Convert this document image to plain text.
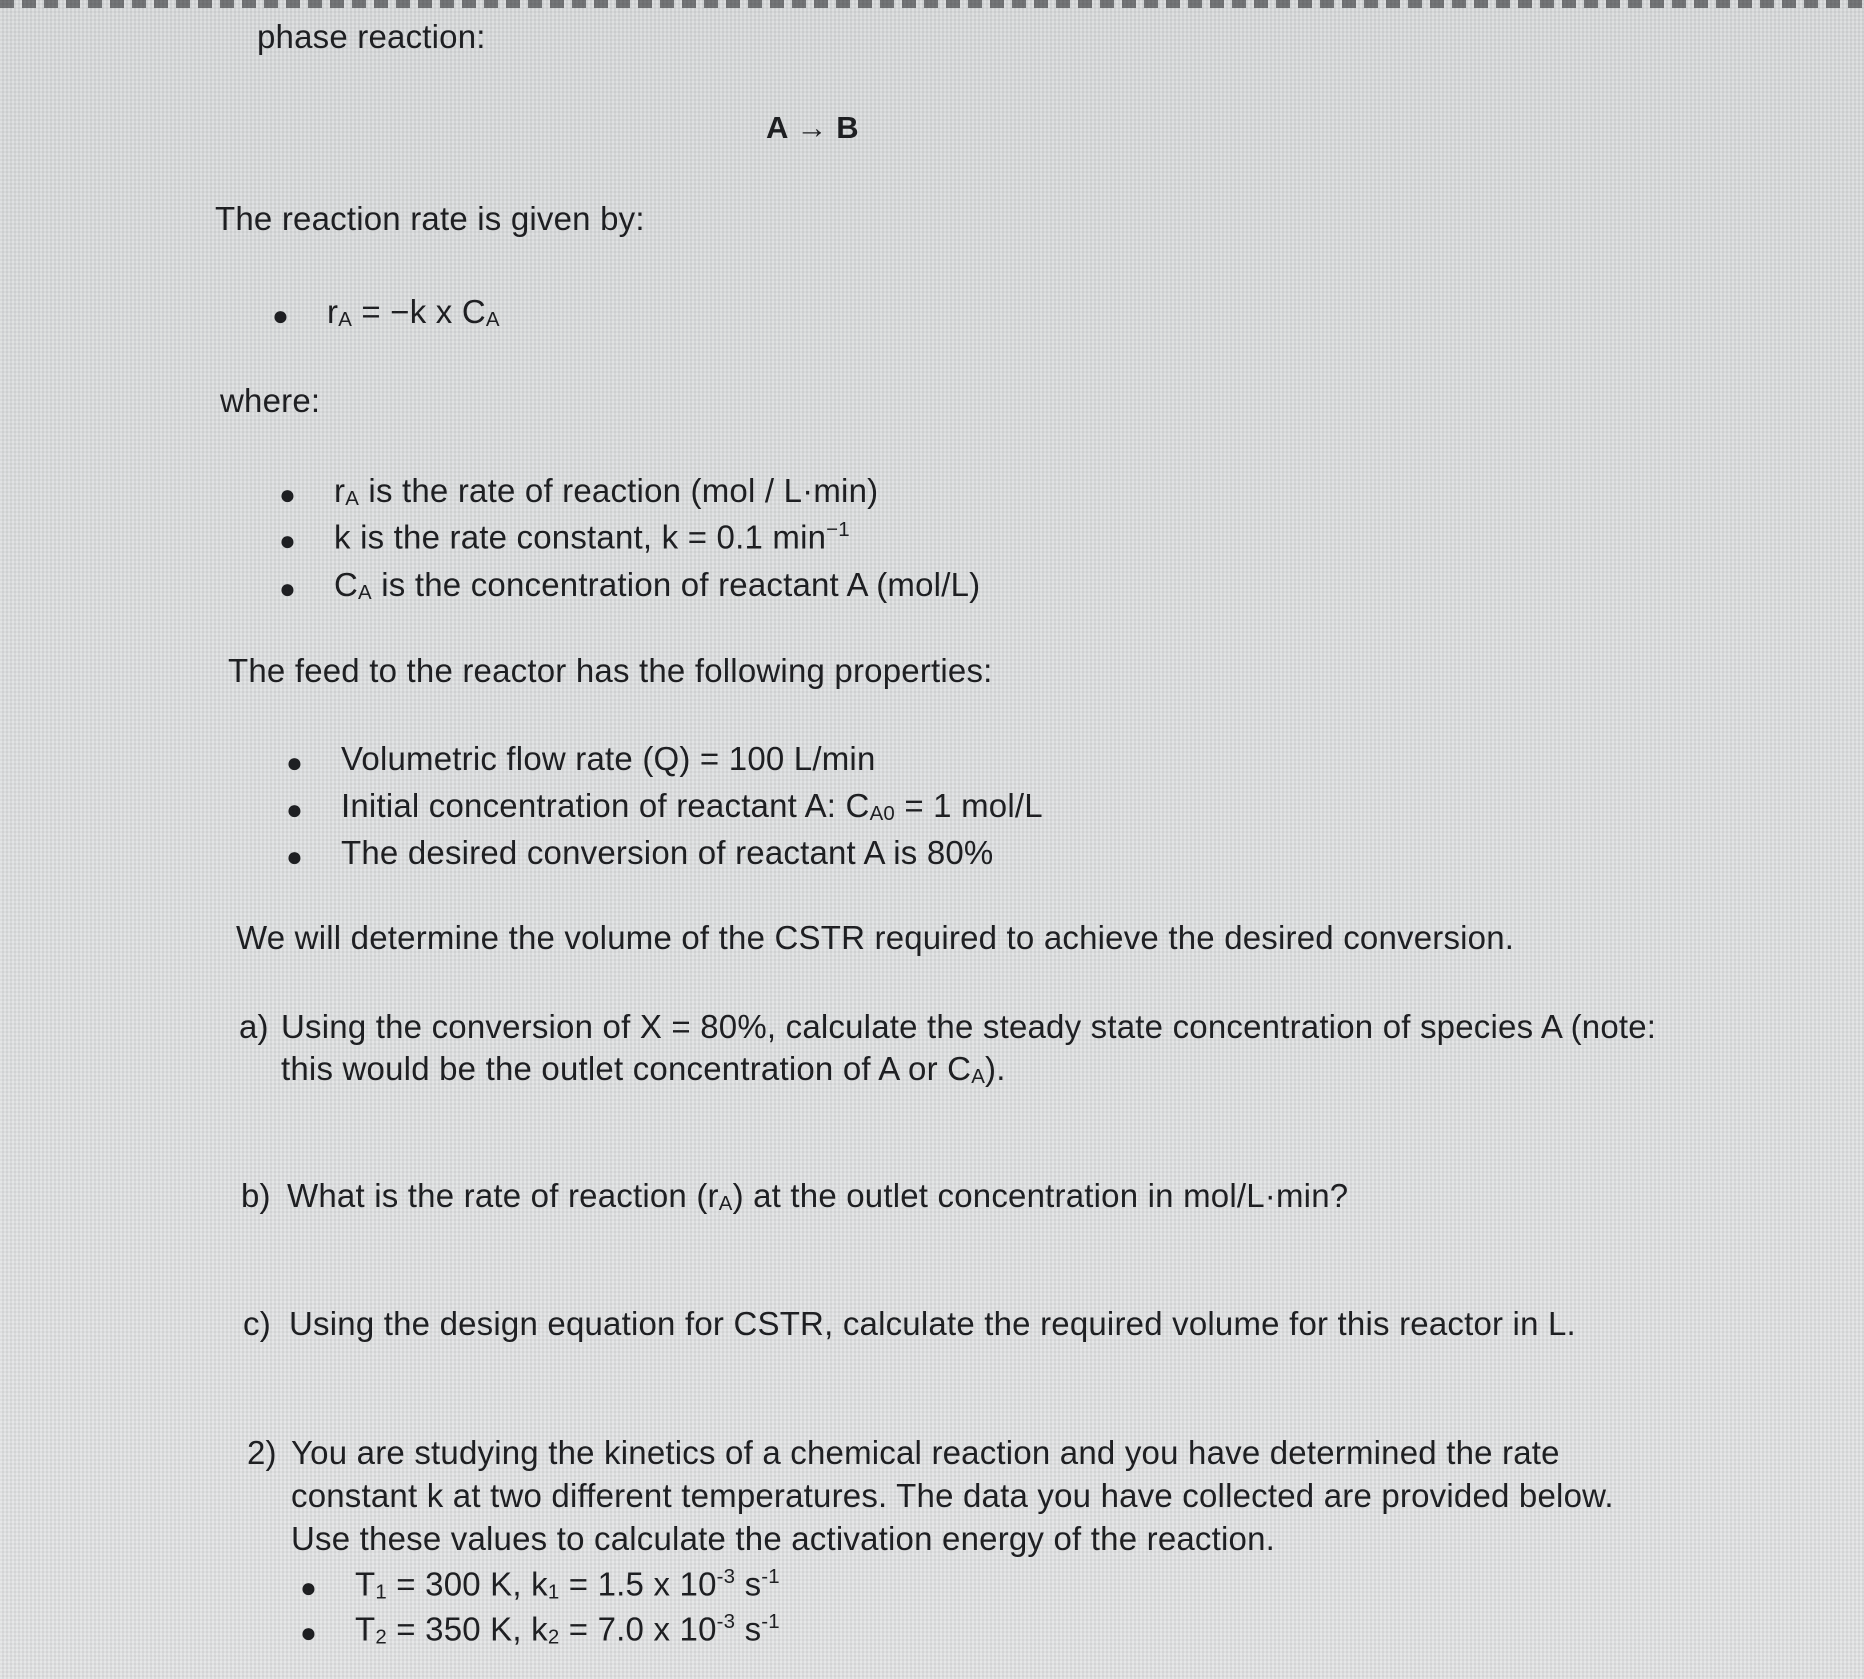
phase reaction:
A → B
The reaction rate is given by:
● rA = −k x CA
where:
● rA is the rate of reaction (mol / L·min)
● k is the rate constant, k = 0.1 $\min^{-1}$
● CA is the concentration of reactant A (mol/L)
The feed to the reactor has the following properties:
● Volumetric flow rate (Q) = 100 L/min
● Initial concentration of reactant A: CA0 = 1 mol/L
● The desired conversion of reactant A is 80%
We will determine the volume of the CSTR required to achieve the desired conversion.
a) Using the conversion of X = 80%, calculate the steady state concentration of species A (note:
this would be the outlet concentration of A or CA).
b) What is the rate of reaction (rA) at the outlet concentration in mol/L·min?
c) Using the design equation for CSTR, calculate the required volume for this reactor in L.
2) You are studying the kinetics of a chemical reaction and you have determined the rate
constant k at two different temperatures. The data you have collected are provided below.
Use these values to calculate the activation energy of the reaction.
● T1 = 300 K, k1 = 1.5 x $10^{-3}$ $s^{-1}$
● T2 = 350 K, k2 = 7.0 x $10^{-3}$ $s^{-1}$
